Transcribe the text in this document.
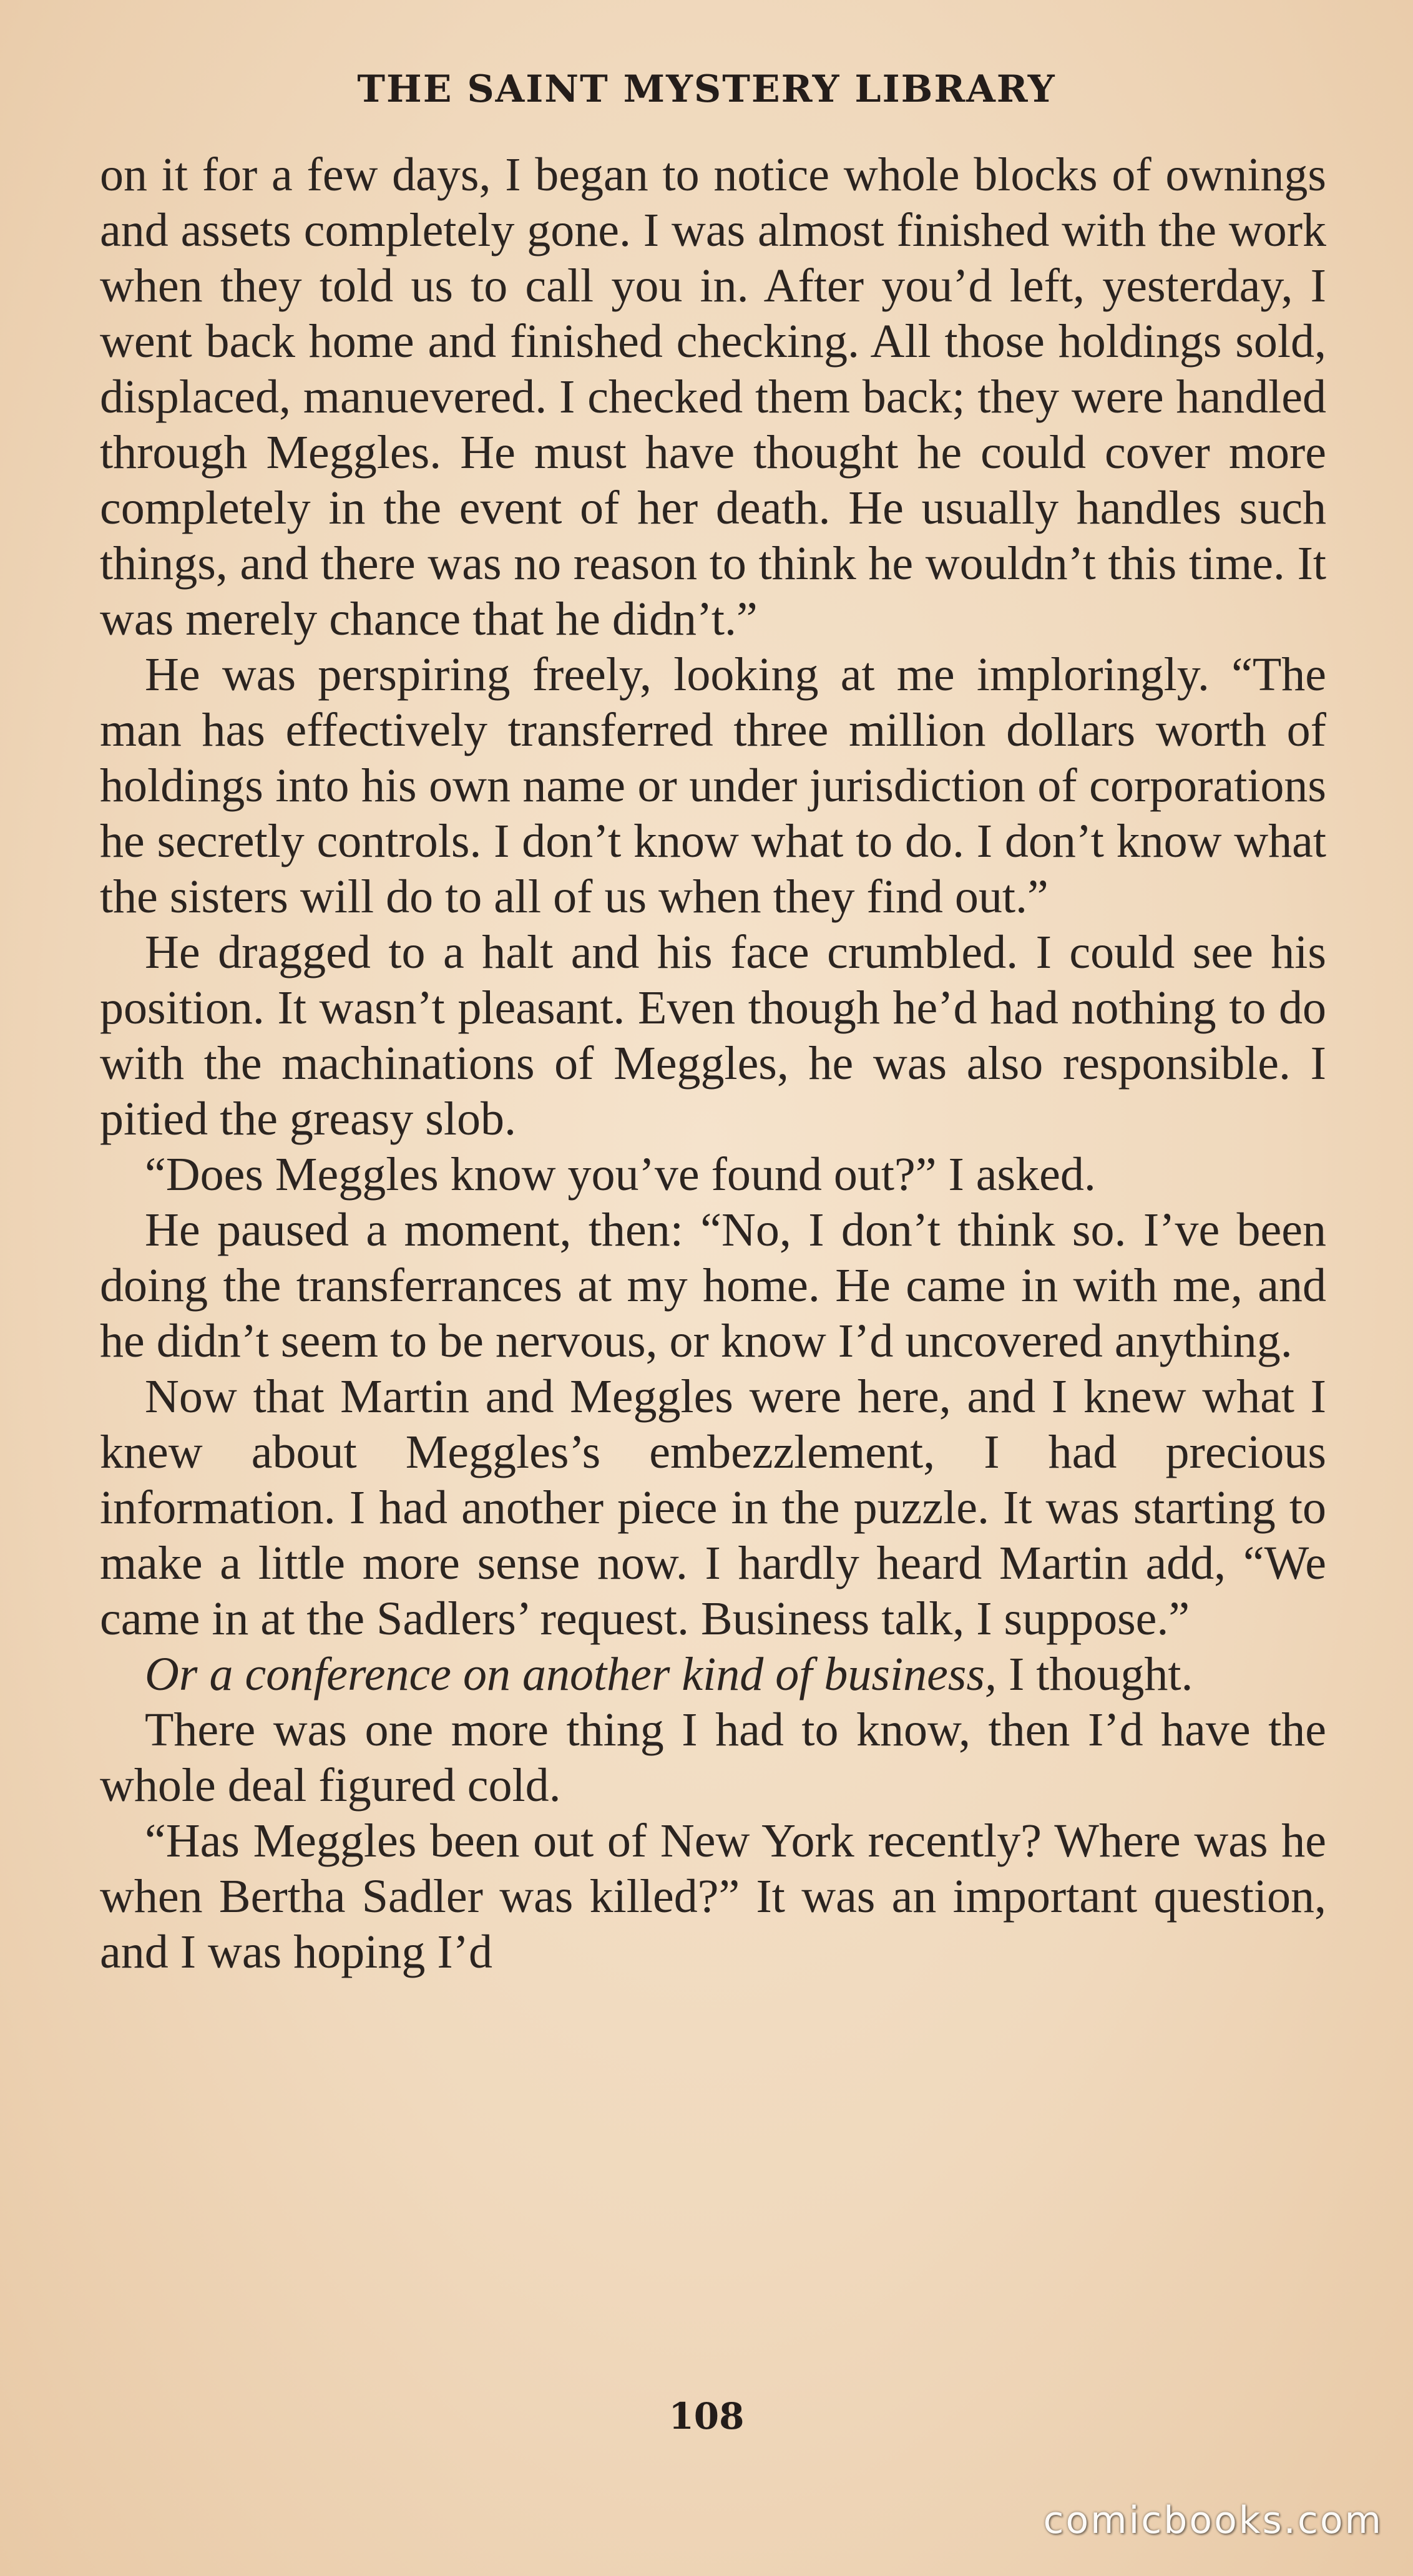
THE SAINT MYSTERY LIBRARY

on it for a few days, I began to notice whole blocks of ownings and assets completely gone. I was almost finished with the work when they told us to call you in. After you’d left, yesterday, I went back home and finished checking. All those holdings sold, displaced, manuevered. I checked them back; they were handled through Meggles. He must have thought he could cover more completely in the event of her death. He usually handles such things, and there was no reason to think he wouldn’t this time. It was merely chance that he didn’t.”

He was perspiring freely, looking at me imploringly. “The man has effectively transferred three million dollars worth of holdings into his own name or under jurisdiction of corporations he secretly controls. I don’t know what to do. I don’t know what the sisters will do to all of us when they find out.”

He dragged to a halt and his face crumbled. I could see his position. It wasn’t pleasant. Even though he’d had nothing to do with the machinations of Meggles, he was also responsible. I pitied the greasy slob.

“Does Meggles know you’ve found out?” I asked.

He paused a moment, then: “No, I don’t think so. I’ve been doing the transferrances at my home. He came in with me, and he didn’t seem to be nervous, or know I’d uncovered anything.

Now that Martin and Meggles were here, and I knew what I knew about Meggles’s embezzlement, I had precious information. I had another piece in the puzzle. It was starting to make a little more sense now. I hardly heard Martin add, “We came in at the Sadlers’ request. Business talk, I suppose.”

Or a conference on another kind of business, I thought.

There was one more thing I had to know, then I’d have the whole deal figured cold.

“Has Meggles been out of New York recently? Where was he when Bertha Sadler was killed?” It was an important question, and I was hoping I’d

108
comicbooks.com
